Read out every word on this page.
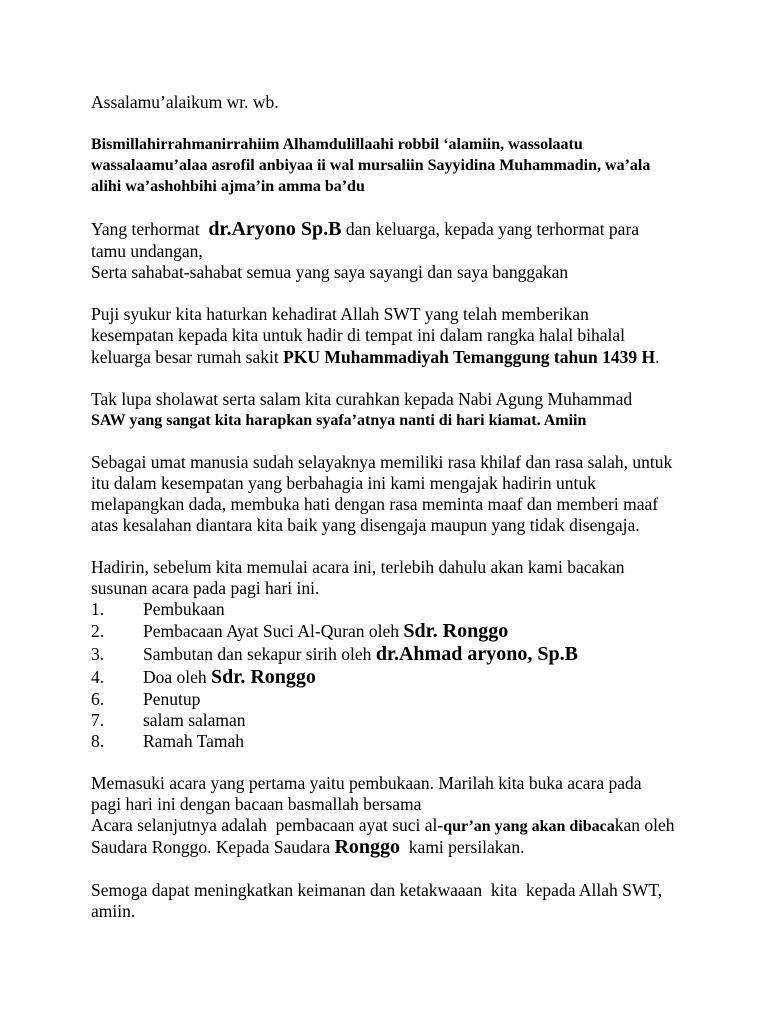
Assalamu’alaikum wr. wb.
Bismillahirrahmanirrahiim Alhamdulillaahi robbil ‘alamiin, wassolaatu
wassalaamu’alaa asrofil anbiyaa ii wal mursaliin Sayyidina Muhammadin, wa’ala
alihi wa’ashohbihi ajma’in amma ba’du
Yang terhormat  dr.Aryono Sp.B dan keluarga, kepada yang terhormat para
tamu undangan,
Serta sahabat-sahabat semua yang saya sayangi dan saya banggakan
Puji syukur kita haturkan kehadirat Allah SWT yang telah memberikan
kesempatan kepada kita untuk hadir di tempat ini dalam rangka halal bihalal
keluarga besar rumah sakit PKU Muhammadiyah Temanggung tahun 1439 H.
Tak lupa sholawat serta salam kita curahkan kepada Nabi Agung Muhammad
SAW yang sangat kita harapkan syafa’atnya nanti di hari kiamat. Amiin
Sebagai umat manusia sudah selayaknya memiliki rasa khilaf dan rasa salah, untuk
itu dalam kesempatan yang berbahagia ini kami mengajak hadirin untuk
melapangkan dada, membuka hati dengan rasa meminta maaf dan memberi maaf
atas kesalahan diantara kita baik yang disengaja maupun yang tidak disengaja.
Hadirin, sebelum kita memulai acara ini, terlebih dahulu akan kami bacakan
susunan acara pada pagi hari ini.
1.	Pembukaan
2.	Pembacaan Ayat Suci Al-Quran oleh Sdr. Ronggo
3.	Sambutan dan sekapur sirih oleh dr.Ahmad aryono, Sp.B
4.	Doa oleh Sdr. Ronggo
6.	Penutup
7.	salam salaman
8.	Ramah Tamah
Memasuki acara yang pertama yaitu pembukaan. Marilah kita buka acara pada
pagi hari ini dengan bacaan basmallah bersama
Acara selanjutnya adalah  pembacaan ayat suci al-qur’an yang akan dibacakan oleh
Saudara Ronggo. Kepada Saudara Ronggo  kami persilakan.
Semoga dapat meningkatkan keimanan dan ketakwaaan  kita  kepada Allah SWT,
amiin.
